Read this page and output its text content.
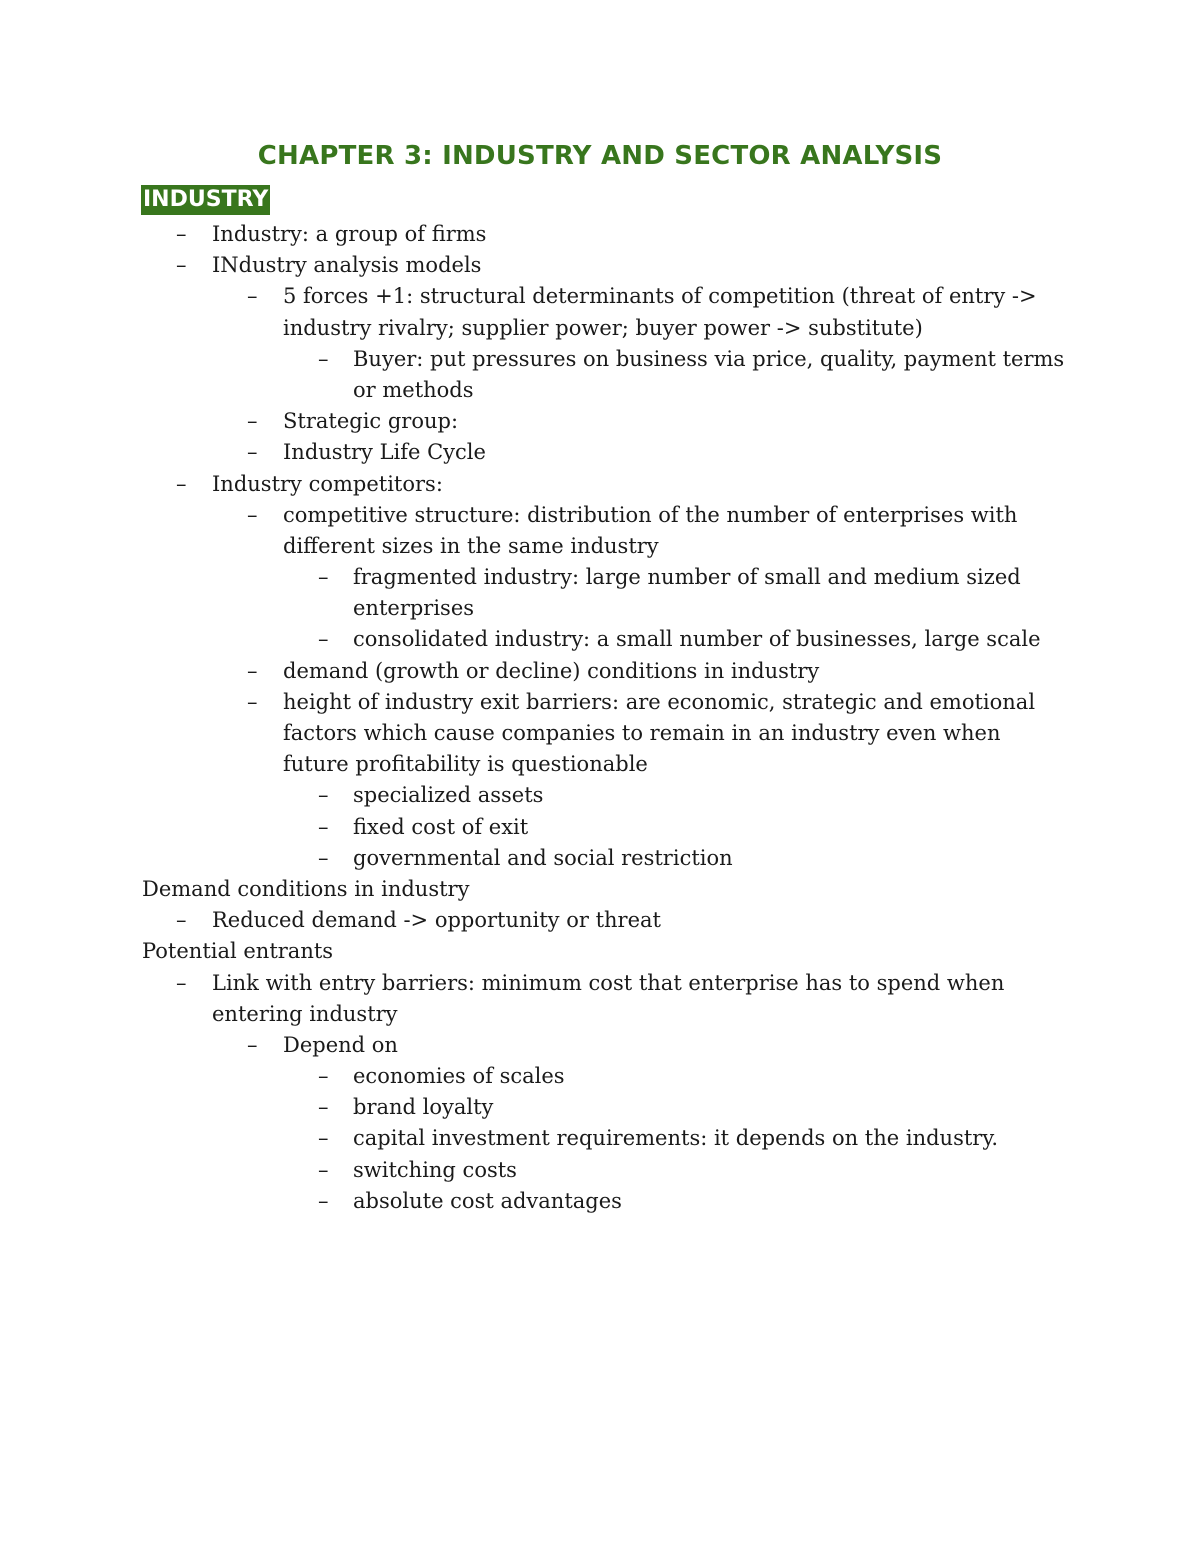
CHAPTER 3: INDUSTRY AND SECTOR ANALYSIS
INDUSTRY
– Industry: a group of firms
– INdustry analysis models
– 5 forces +1: structural determinants of competition (threat of entry ->
industry rivalry; supplier power; buyer power -> substitute)
– Buyer: put pressures on business via price, quality, payment terms
or methods
– Strategic group:
– Industry Life Cycle
– Industry competitors:
– competitive structure: distribution of the number of enterprises with
different sizes in the same industry
– fragmented industry: large number of small and medium sized
enterprises
– consolidated industry: a small number of businesses, large scale
– demand (growth or decline) conditions in industry
– height of industry exit barriers: are economic, strategic and emotional
factors which cause companies to remain in an industry even when
future profitability is questionable
– specialized assets
– fixed cost of exit
– governmental and social restriction
Demand conditions in industry
– Reduced demand -> opportunity or threat
Potential entrants
– Link with entry barriers: minimum cost that enterprise has to spend when
entering industry
– Depend on
– economies of scales
– brand loyalty
– capital investment requirements: it depends on the industry.
– switching costs
– absolute cost advantages
